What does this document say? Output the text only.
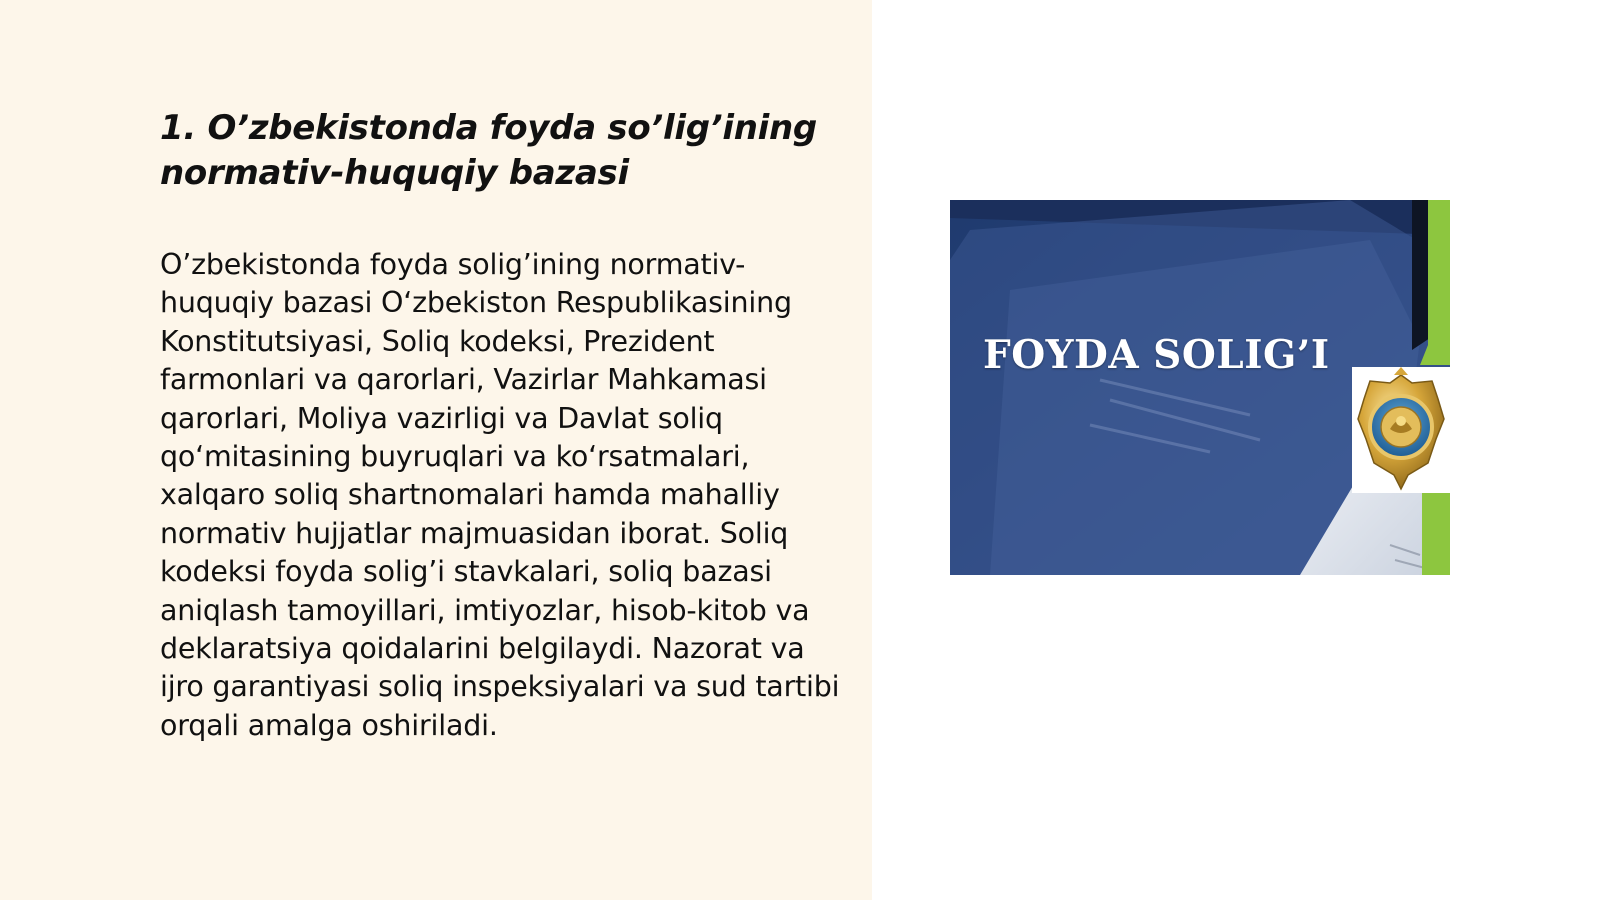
1. O’zbekistonda foyda so’lig’ining normativ-huquqiy bazasi

O’zbekistonda foyda solig’ining normativ-huquqiy bazasi O‘zbekiston Respublikasining Konstitutsiyasi, Soliq kodeksi, Prezident farmonlari va qarorlari, Vazirlar Mahkamasi qarorlari, Moliya vazirligi va Davlat soliq qo‘mitasining buyruqlari va ko‘rsatmalari, xalqaro soliq shartnomalari hamda mahalliy normativ hujjatlar majmuasidan iborat. Soliq kodeksi foyda solig’i stavkalari, soliq bazasi aniqlash tamoyillari, imtiyozlar, hisob-kitob va deklaratsiya qoidalarini belgilaydi. Nazorat va ijro garantiyasi soliq inspeksiyalari va sud tartibi orqali amalga oshiriladi.

FOYDA SOLIG’I
